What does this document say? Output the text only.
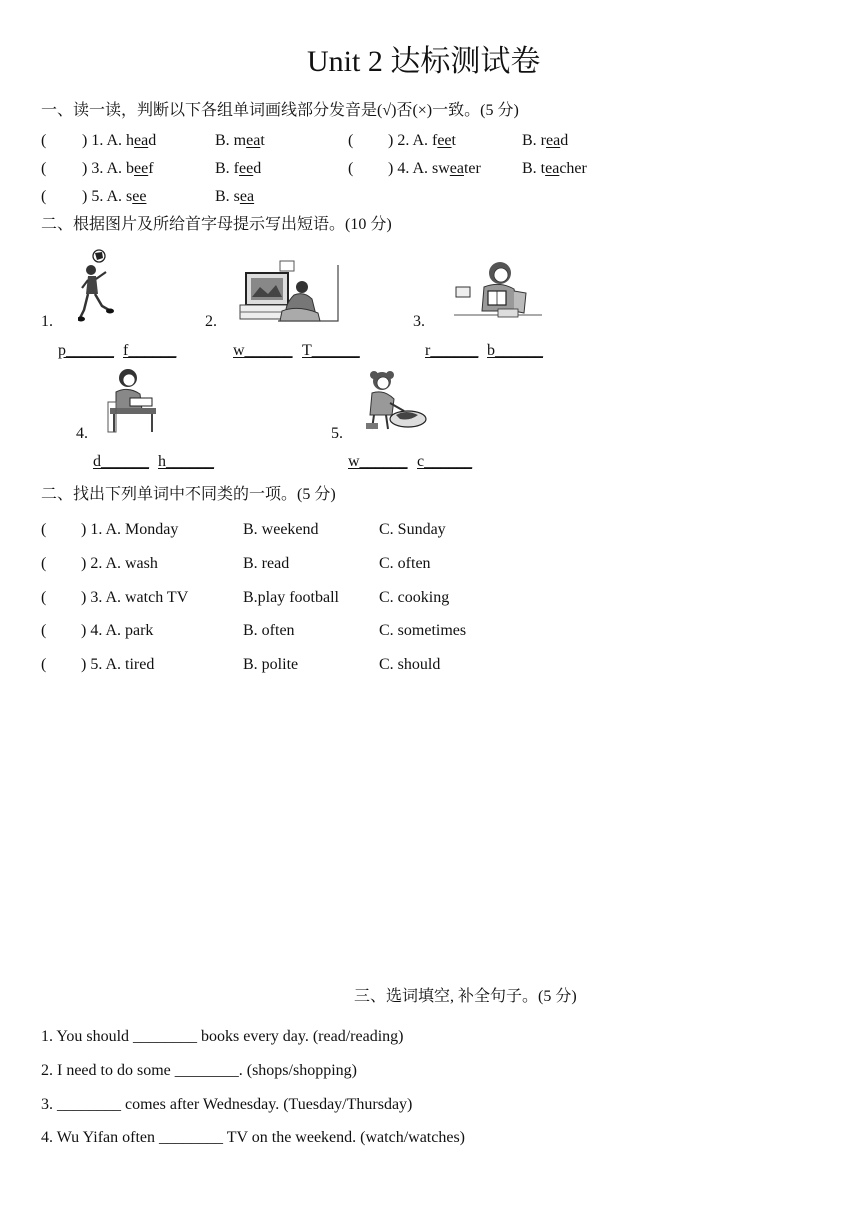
Unit 2 达标测试卷
一、读一读，判断以下各组单词画线部分发音是(√)否(×)一致。(5 分)
( ) 1. A. head	B. meat	( ) 2. A. feet	B. read
( ) 3. A. beef	B. feed	( ) 4. A. sweater	B. teacher
( ) 5. A. see	B. sea
二、根据图片及所给首字母提示写出短语。(10 分)
1.	2.	3.
p______ f______	w______ T______	r______ b______
4.	5.
d______ h______	w______ c______
二、找出下列单词中不同类的一项。(5 分)
( ) 1. A. Monday	B. weekend	C. Sunday
( ) 2. A. wash	B. read	C. often
( ) 3. A. watch TV	B.play football	C. cooking
( ) 4. A. park	B. often	C. sometimes
( ) 5. A. tired	B. polite	C. should
三、选词填空, 补全句子。(5 分)
1. You should ________ books every day. (read/reading)
2. I need to do some ________. (shops/shopping)
3. ________ comes after Wednesday. (Tuesday/Thursday)
4. Wu Yifan often ________ TV on the weekend. (watch/watches)
